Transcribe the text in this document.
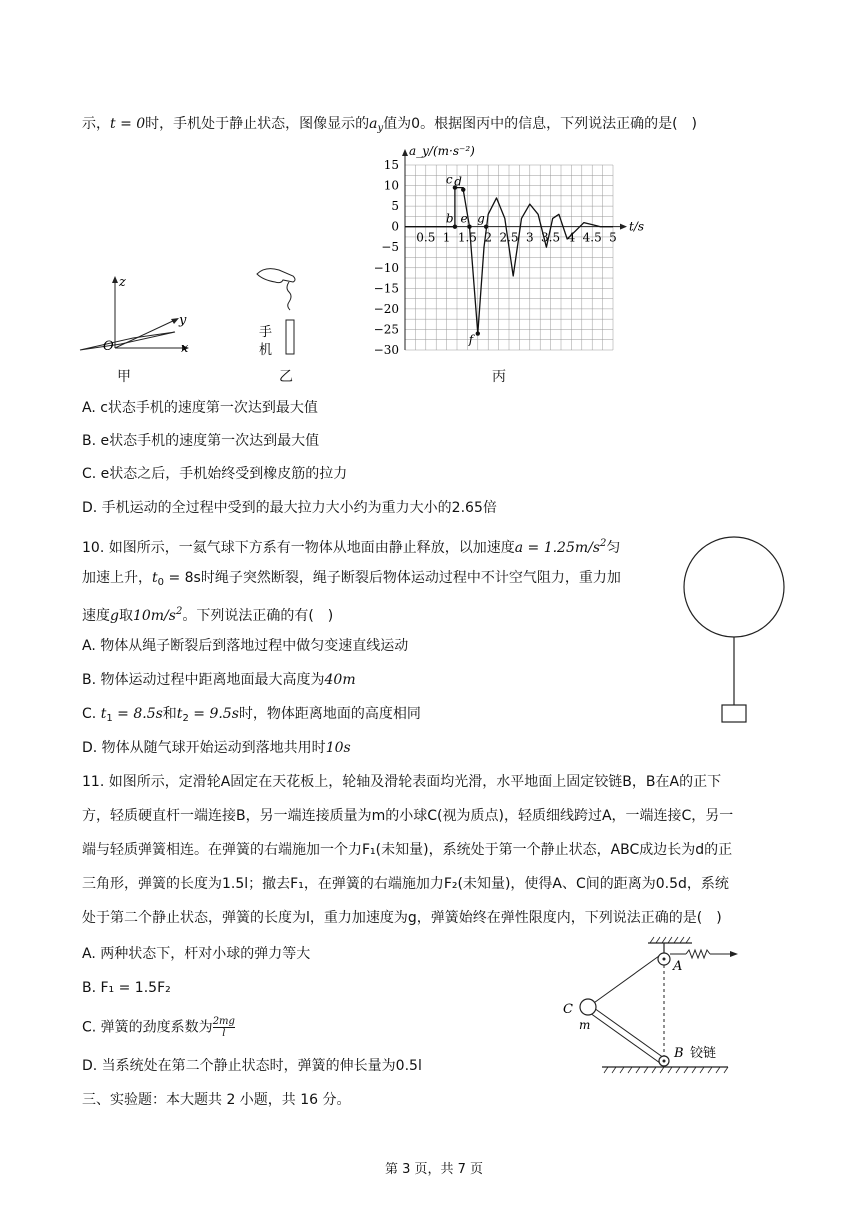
示，t = 0时，手机处于静止状态，图像显示的$a_y$值为0。根据图丙中的信息，下列说法正确的是(　)
z
y
x
O
甲
手
机
乙
a_y/(m·s⁻²)
t/s
15
10
5
0
−5
−10
−15
−20
−25
−30
0.5 1 1.5 2 2.5 3 3.5 4 4.5 5
b
c d
e
f
g
丙
A. c状态手机的速度第一次达到最大值
B. e状态手机的速度第一次达到最大值
C. e状态之后，手机始终受到橡皮筋的拉力
D. 手机运动的全过程中受到的最大拉力大小约为重力大小的2.65倍
10. 如图所示，一氦气球下方系有一物体从地面由静止释放，以加速度$a = 1.25m/s^2$匀
加速上升，$t_0 = 8s$时绳子突然断裂，绳子断裂后物体运动过程中不计空气阻力，重力加
速度g取$10m/s^2$。下列说法正确的有(　)
A. 物体从绳子断裂后到落地过程中做匀变速直线运动
B. 物体运动过程中距离地面最大高度为40m
C. $t_1 = 8.5s$和$t_2 = 9.5s$时，物体距离地面的高度相同
D. 物体从随气球开始运动到落地共用时10s
11. 如图所示，定滑轮A固定在天花板上，轮轴及滑轮表面均光滑，水平地面上固定铰链B，B在A的正下
方，轻质硬直杆一端连接B，另一端连接质量为m的小球C(视为质点)，轻质细线跨过A，一端连接C，另一
端与轻质弹簧相连。在弹簧的右端施加一个力F₁(未知量)，系统处于第一个静止状态，ABC成边长为d的正
三角形，弹簧的长度为1.5l；撤去F₁，在弹簧的右端施加力F₂(未知量)，使得A、C间的距离为0.5d，系统
处于第二个静止状态，弹簧的长度为l，重力加速度为g，弹簧始终在弹性限度内，下列说法正确的是(　)
A. 两种状态下，杆对小球的弹力等大
B. F₁ = 1.5F₂
C. 弹簧的劲度系数为 $\frac{2mg}{l}$
D. 当系统处在第二个静止状态时，弹簧的伸长量为0.5l
A
C
m
B 铰链
三、实验题：本大题共 2 小题，共 16 分。
第 3 页，共 7 页
